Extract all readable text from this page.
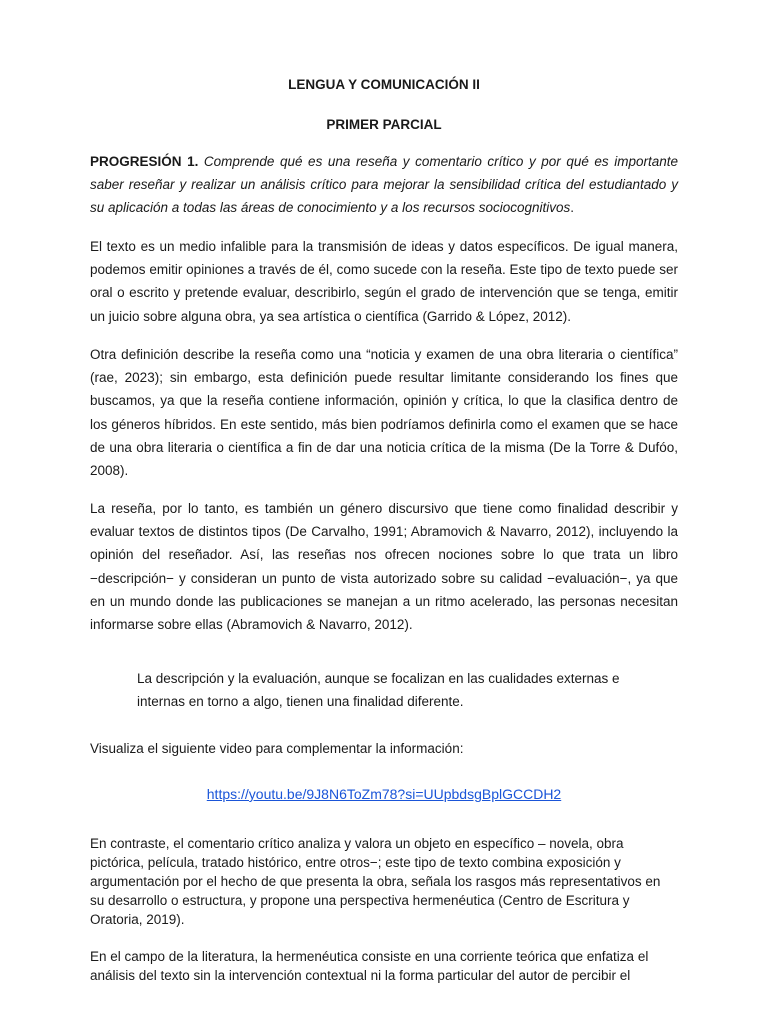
LENGUA Y COMUNICACIÓN II

PRIMER PARCIAL

PROGRESIÓN 1. Comprende qué es una reseña y comentario crítico y por qué es importante saber reseñar y realizar un análisis crítico para mejorar la sensibilidad crítica del estudiantado y su aplicación a todas las áreas de conocimiento y a los recursos sociocognitivos.

El texto es un medio infalible para la transmisión de ideas y datos específicos. De igual manera, podemos emitir opiniones a través de él, como sucede con la reseña. Este tipo de texto puede ser oral o escrito y pretende evaluar, describirlo, según el grado de intervención que se tenga, emitir un juicio sobre alguna obra, ya sea artística o científica (Garrido & López, 2012).

Otra definición describe la reseña como una “noticia y examen de una obra literaria o científica” (rae, 2023); sin embargo, esta definición puede resultar limitante considerando los fines que buscamos, ya que la reseña contiene información, opinión y crítica, lo que la clasifica dentro de los géneros híbridos. En este sentido, más bien podríamos definirla como el examen que se hace de una obra literaria o científica a fin de dar una noticia crítica de la misma (De la Torre & Dufóo, 2008).

La reseña, por lo tanto, es también un género discursivo que tiene como finalidad describir y evaluar textos de distintos tipos (De Carvalho, 1991; Abramovich & Navarro, 2012), incluyendo la opinión del reseñador. Así, las reseñas nos ofrecen nociones sobre lo que trata un libro −descripción− y consideran un punto de vista autorizado sobre su calidad −evaluación−, ya que en un mundo donde las publicaciones se manejan a un ritmo acelerado, las personas necesitan informarse sobre ellas (Abramovich & Navarro, 2012).

La descripción y la evaluación, aunque se focalizan en las cualidades externas e internas en torno a algo, tienen una finalidad diferente.

Visualiza el siguiente video para complementar la información:

https://youtu.be/9J8N6ToZm78?si=UUpbdsgBplGCCDH2

En contraste, el comentario crítico analiza y valora un objeto en específico – novela, obra pictórica, película, tratado histórico, entre otros−; este tipo de texto combina exposición y argumentación por el hecho de que presenta la obra, señala los rasgos más representativos en su desarrollo o estructura, y propone una perspectiva hermenéutica (Centro de Escritura y Oratoria, 2019).

En el campo de la literatura, la hermenéutica consiste en una corriente teórica que enfatiza el análisis del texto sin la intervención contextual ni la forma particular del autor de percibir el
